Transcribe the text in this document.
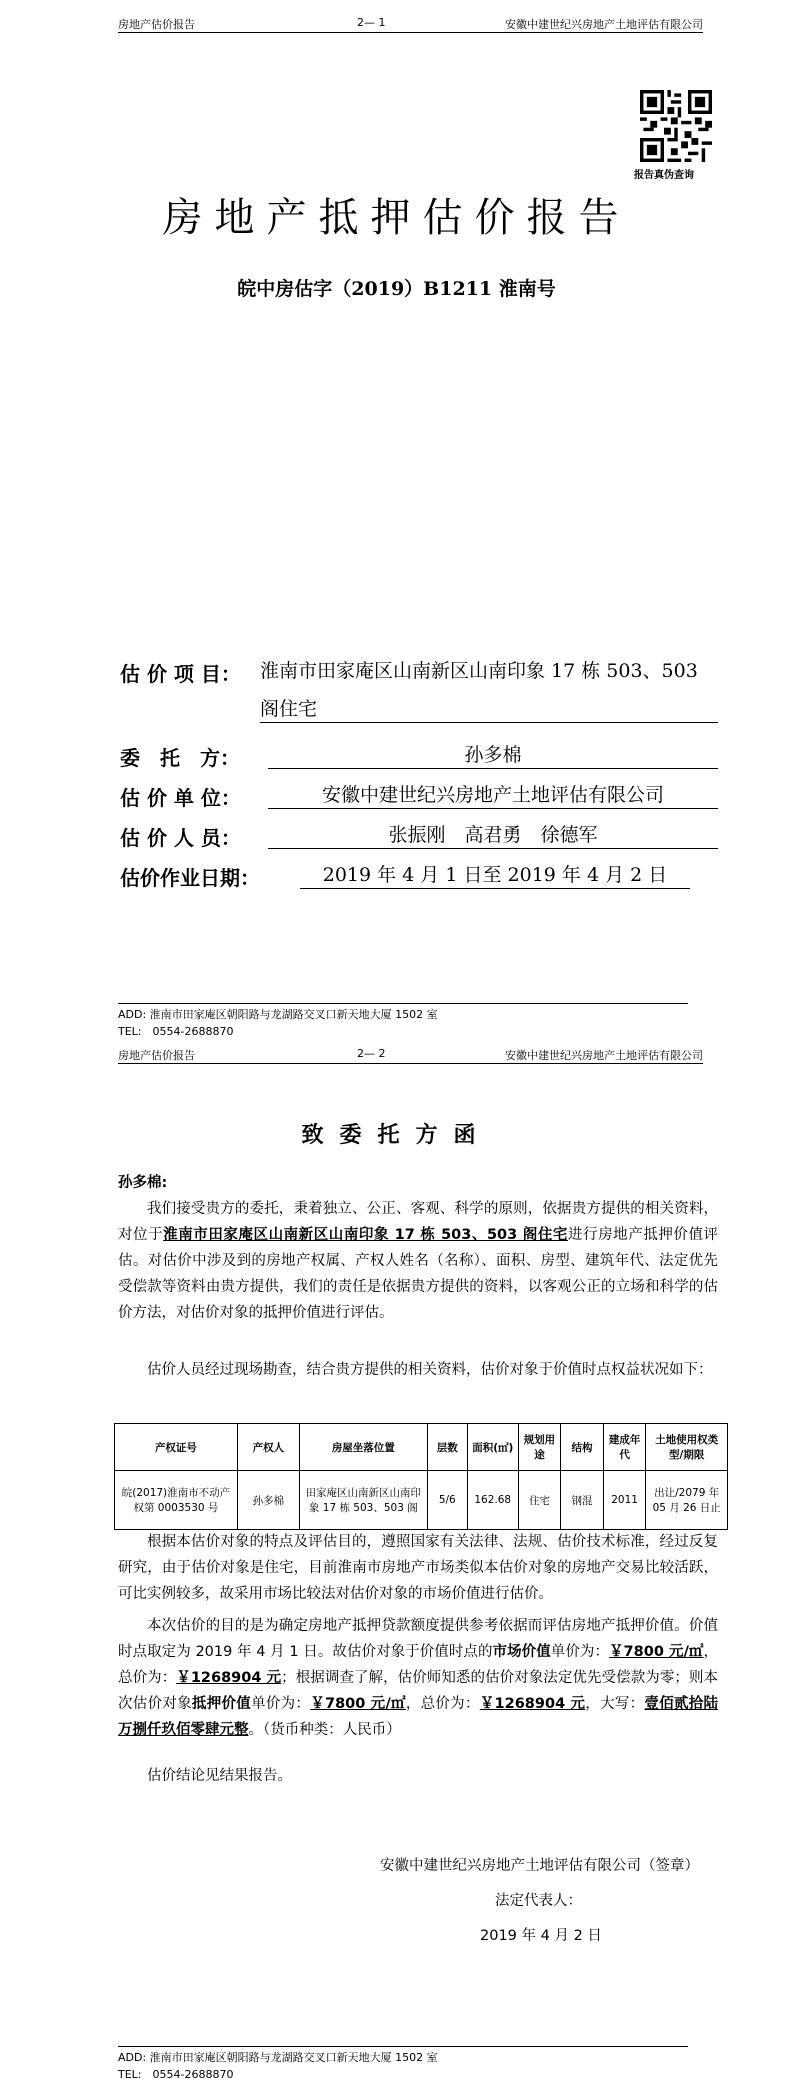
房地产估价报告	2— 1	安徽中建世纪兴房地产土地评估有限公司
报告真伪查询
房地产抵押估价报告
皖中房估字（2019）B1211 淮南号
估 价 项 目： 淮南市田家庵区山南新区山南印象 17 栋 503、503
阁住宅
委　托　方：	孙多棉
估 价 单 位：	安徽中建世纪兴房地产土地评估有限公司
估 价 人 员：	张振刚　高君勇　徐德军
估价作业日期：	2019 年 4 月 1 日至 2019 年 4 月 2 日
ADD: 淮南市田家庵区朝阳路与龙湖路交叉口新天地大厦 1502 室
TEL:　0554-2688870
房地产估价报告	2— 2	安徽中建世纪兴房地产土地评估有限公司
致委托方函
孙多棉:
我们接受贵方的委托，秉着独立、公正、客观、科学的原则，依据贵方提供的相关资料，对位于淮南市田家庵区山南新区山南印象 17 栋 503、503 阁住宅进行房地产抵押价值评估。对估价中涉及到的房地产权属、产权人姓名（名称）、面积、房型、建筑年代、法定优先受偿款等资料由贵方提供，我们的责任是依据贵方提供的资料，以客观公正的立场和科学的估价方法，对估价对象的抵押价值进行评估。
估价人员经过现场勘查，结合贵方提供的相关资料，估价对象于价值时点权益状况如下：
产权证号	产权人	房屋坐落位置	层数	面积(㎡)	规划用途	结构	建成年代	土地使用权类型/期限
皖(2017)淮南市不动产权第 0003530 号	孙多棉	田家庵区山南新区山南印象 17 栋 503、503 阁	5/6	162.68	住宅	钢混	2011	出让/2079 年 05 月 26 日止
根据本估价对象的特点及评估目的，遵照国家有关法律、法规、估价技术标准，经过反复研究，由于估价对象是住宅，目前淮南市房地产市场类似本估价对象的房地产交易比较活跃，可比实例较多，故采用市场比较法对估价对象的市场价值进行估价。
本次估价的目的是为确定房地产抵押贷款额度提供参考依据而评估房地产抵押价值。价值时点取定为 2019 年 4 月 1 日。故估价对象于价值时点的市场价值单价为：￥7800 元/㎡，总价为：￥1268904 元；根据调查了解，估价师知悉的估价对象法定优先受偿款为零；则本次估价对象抵押价值单价为：￥7800 元/㎡，总价为：￥1268904 元，大写：壹佰贰拾陆万捌仟玖佰零肆元整。（货币种类：人民币）
估价结论见结果报告。
安徽中建世纪兴房地产土地评估有限公司（签章）
法定代表人：
2019 年 4 月 2 日
ADD: 淮南市田家庵区朝阳路与龙湖路交叉口新天地大厦 1502 室
TEL:　0554-2688870
